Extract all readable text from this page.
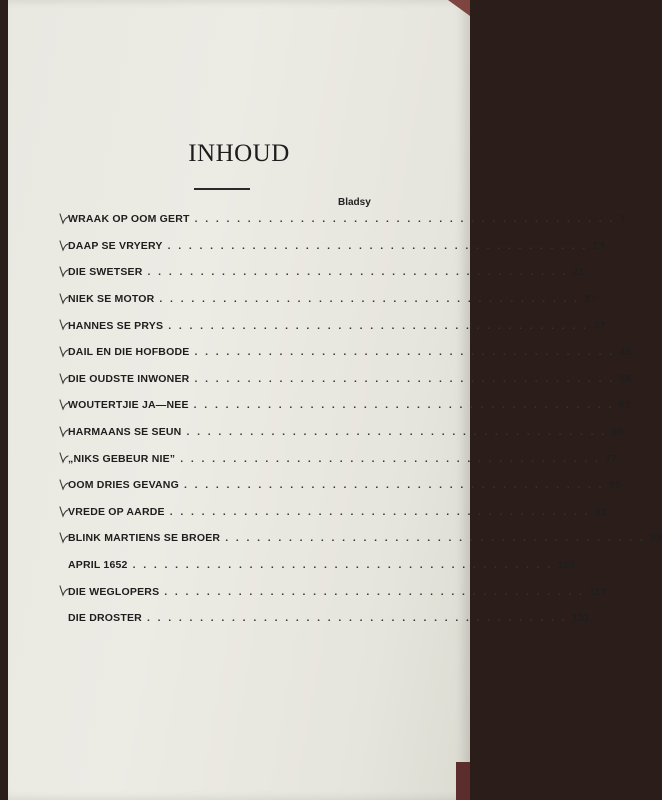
INHOUD
Bladsy
WRAAK OP OOM GERT . . . . . . . . . . . . . . . . . . . . . . . . . . . . . . . . . . . . . . . . 7
DAAP SE VRYERY . . . . . . . . . . . . . . . . . . . . . . . . . . . . . . . . . . . . . . . . 13
DIE SWETSER . . . . . . . . . . . . . . . . . . . . . . . . . . . . . . . . . . . . . . . . 21
NIEK SE MOTOR . . . . . . . . . . . . . . . . . . . . . . . . . . . . . . . . . . . . . . . . 27
HANNES SE PRYS . . . . . . . . . . . . . . . . . . . . . . . . . . . . . . . . . . . . . . . . 37
DAIL EN DIE HOFBODE . . . . . . . . . . . . . . . . . . . . . . . . . . . . . . . . . . . . . . . . 45
DIE OUDSTE INWONER . . . . . . . . . . . . . . . . . . . . . . . . . . . . . . . . . . . . . . . . 58
WOUTERTJIE JA—NEE . . . . . . . . . . . . . . . . . . . . . . . . . . . . . . . . . . . . . . . . 61
HARMAANS SE SEUN . . . . . . . . . . . . . . . . . . . . . . . . . . . . . . . . . . . . . . . . 69
„NIKS GEBEUR NIE” . . . . . . . . . . . . . . . . . . . . . . . . . . . . . . . . . . . . . . . . 77
OOM DRIES GEVANG . . . . . . . . . . . . . . . . . . . . . . . . . . . . . . . . . . . . . . . . 85
VREDE OP AARDE . . . . . . . . . . . . . . . . . . . . . . . . . . . . . . . . . . . . . . . . 91
BLINK MARTIENS SE BROER . . . . . . . . . . . . . . . . . . . . . . . . . . . . . . . . . . . . . . . . 99
APRIL 1652 . . . . . . . . . . . . . . . . . . . . . . . . . . . . . . . . . . . . . . . . 107
DIE WEGLOPERS . . . . . . . . . . . . . . . . . . . . . . . . . . . . . . . . . . . . . . . . 117
DIE DROSTER . . . . . . . . . . . . . . . . . . . . . . . . . . . . . . . . . . . . . . . . 131
